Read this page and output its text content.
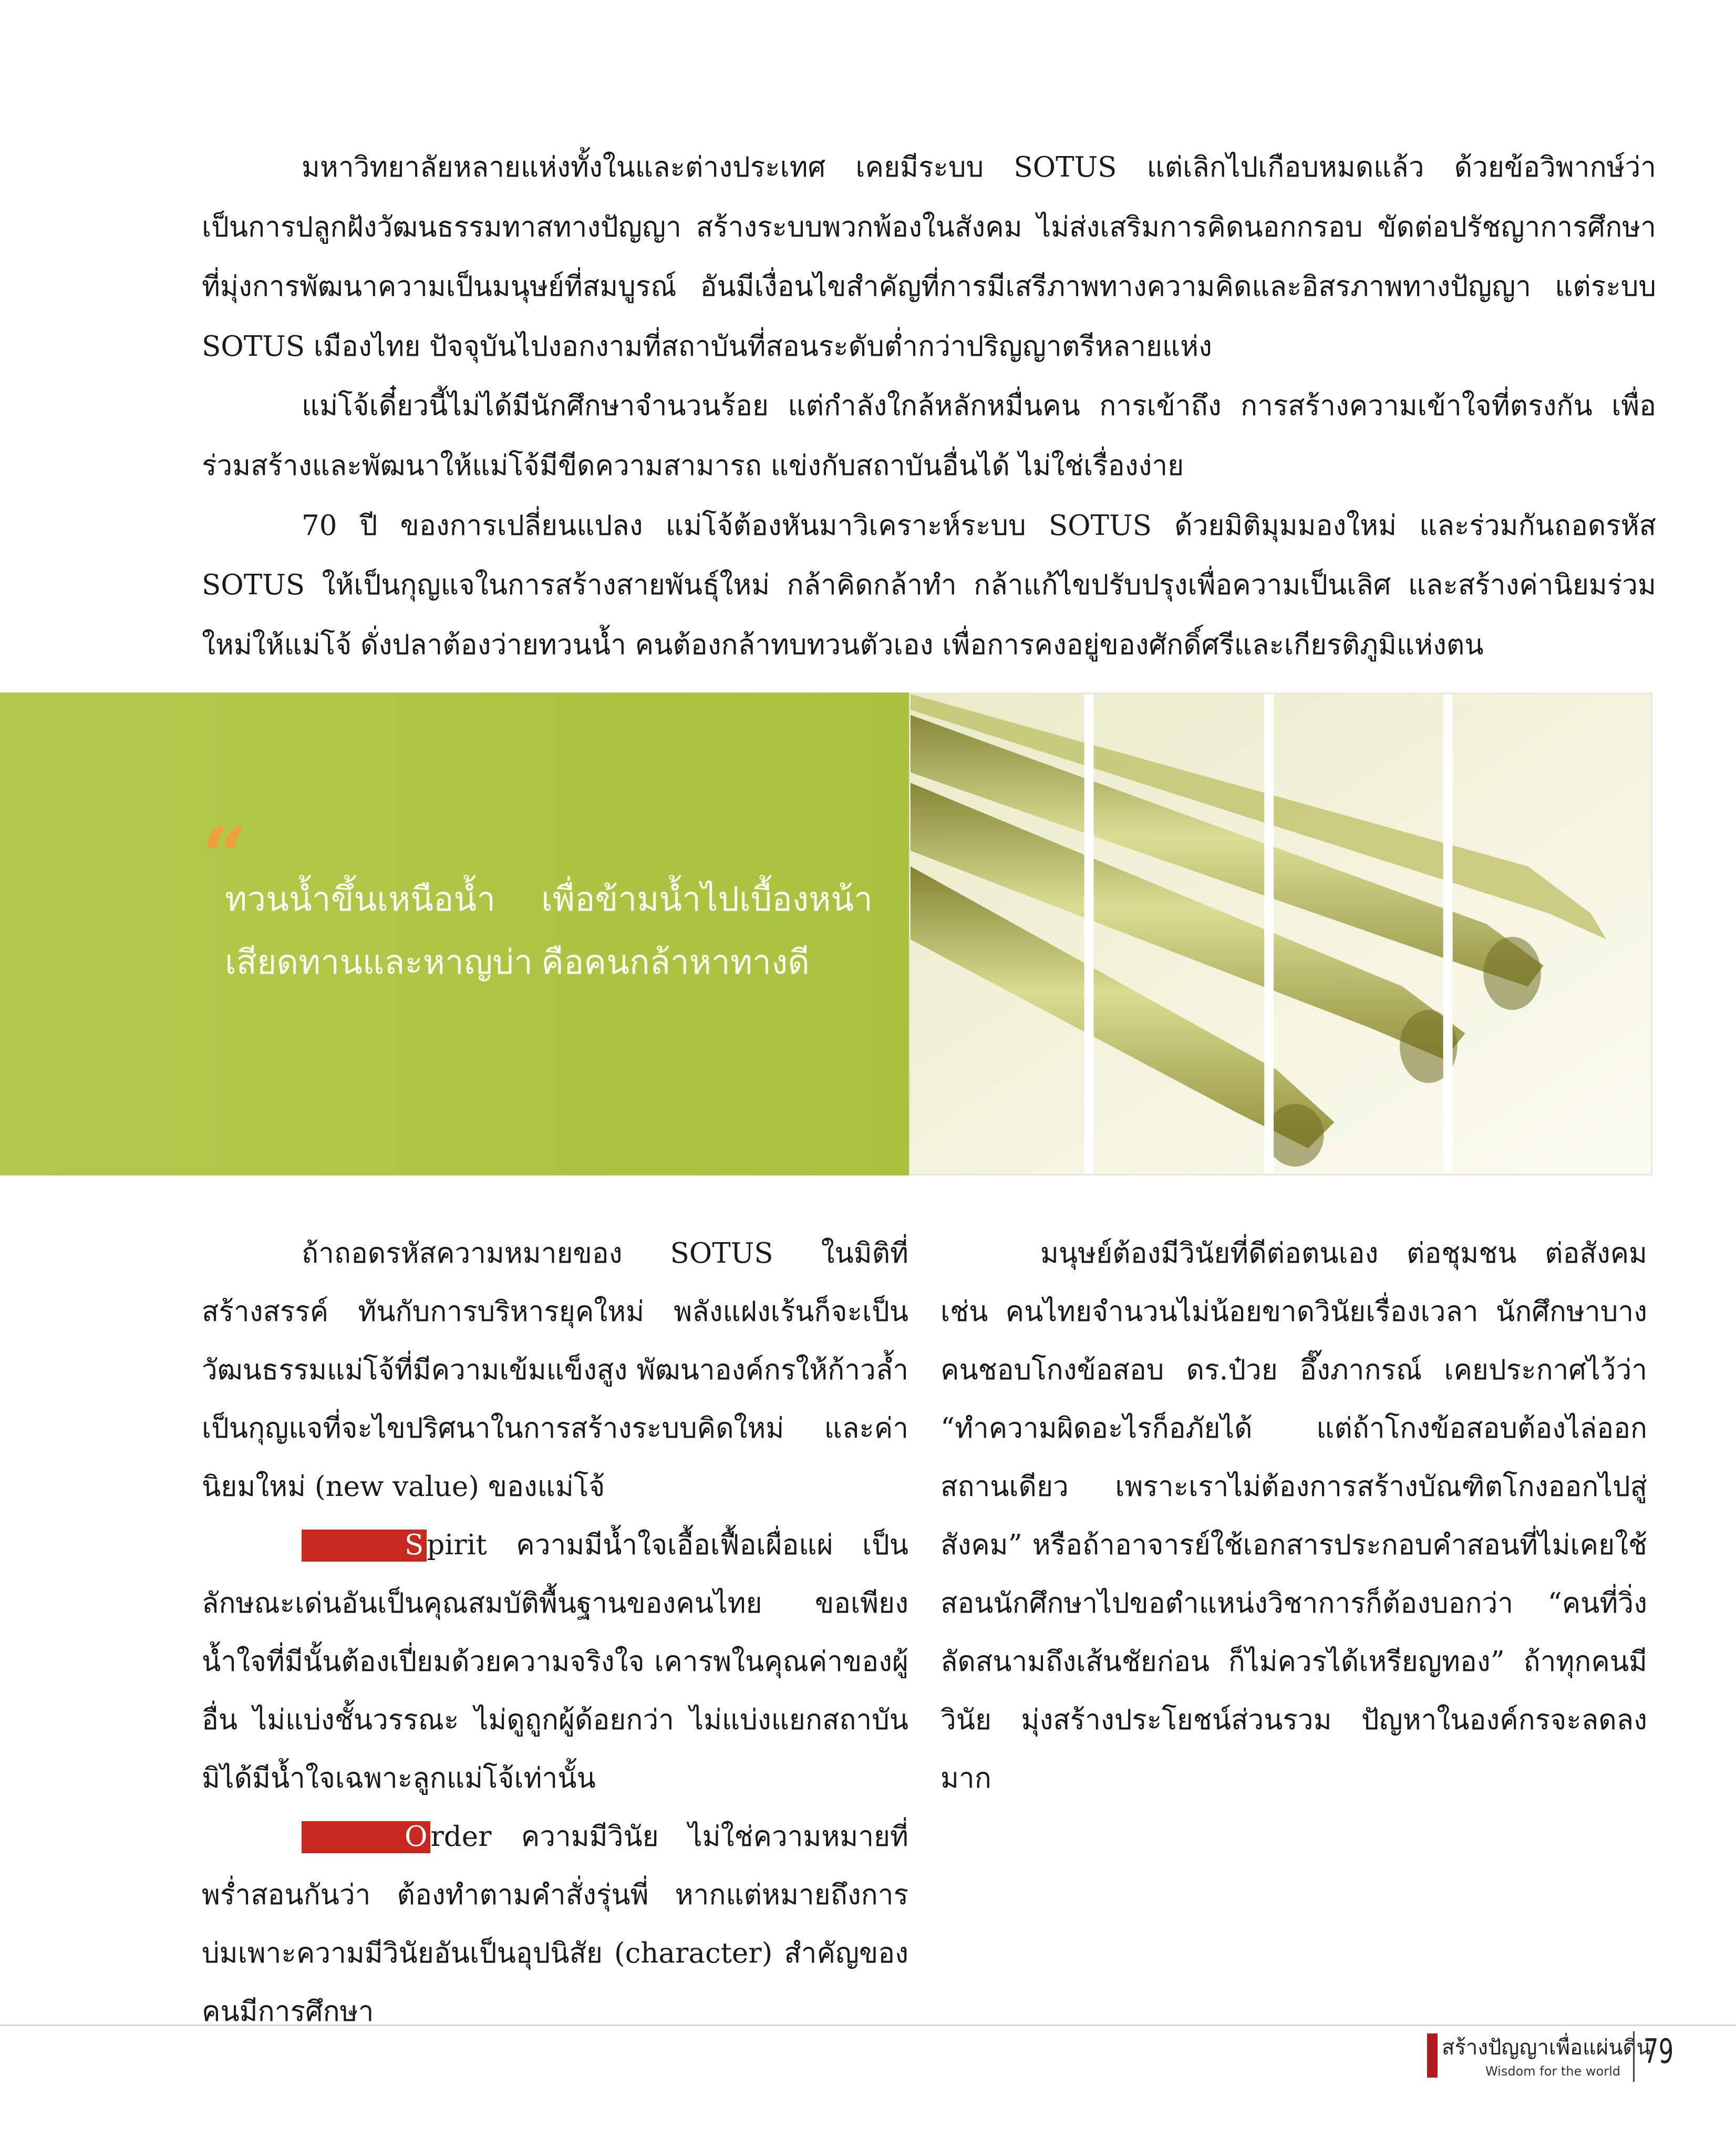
มหาวิทยาลัยหลายแห่งทั้งในและต่างประเทศ เคยมีระบบ SOTUS แต่เลิกไปเกือบหมดแล้ว ด้วยข้อวิพากษ์ว่า เป็นการปลูกฝังวัฒนธรรมทาสทางปัญญา สร้างระบบพวกพ้องในสังคม ไม่ส่งเสริมการคิดนอกกรอบ ขัดต่อปรัชญาการศึกษาที่มุ่งการพัฒนาความเป็นมนุษย์ที่สมบูรณ์ อันมีเงื่อนไขสำคัญที่การมีเสรีภาพทางความคิดและอิสรภาพทางปัญญา แต่ระบบ SOTUS เมืองไทย ปัจจุบันไปงอกงามที่สถาบันที่สอนระดับต่ำกว่าปริญญาตรีหลายแห่ง

แม่โจ้เดี๋ยวนี้ไม่ได้มีนักศึกษาจำนวนร้อย แต่กำลังใกล้หลักหมื่นคน การเข้าถึง การสร้างความเข้าใจที่ตรงกัน เพื่อร่วมสร้างและพัฒนาให้แม่โจ้มีขีดความสามารถ แข่งกับสถาบันอื่นได้ ไม่ใช่เรื่องง่าย

70 ปี ของการเปลี่ยนแปลง แม่โจ้ต้องหันมาวิเคราะห์ระบบ SOTUS ด้วยมิติมุมมองใหม่ และร่วมกันถอดรหัส SOTUS ให้เป็นกุญแจในการสร้างสายพันธุ์ใหม่ กล้าคิดกล้าทำ กล้าแก้ไขปรับปรุงเพื่อความเป็นเลิศ และสร้างค่านิยมร่วมใหม่ให้แม่โจ้ ดั่งปลาต้องว่ายทวนน้ำ คนต้องกล้าทบทวนตัวเอง เพื่อการคงอยู่ของศักดิ์ศรีและเกียรติภูมิแห่งตน

“
ทวนน้ำขึ้นเหนือน้ำ เพื่อข้ามน้ำไปเบื้องหน้า
เสียดทานและหาญบ่า คือคนกล้าหาทางดี

ถ้าถอดรหัสความหมายของ SOTUS ในมิติที่สร้างสรรค์ ทันกับการบริหารยุคใหม่ พลังแฝงเร้นก็จะเป็นวัฒนธรรมแม่โจ้ที่มีความเข้มแข็งสูง พัฒนาองค์กรให้ก้าวล้ำ เป็นกุญแจที่จะไขปริศนาในการสร้างระบบคิดใหม่ และค่านิยมใหม่ (new value) ของแม่โจ้

S pirit ความมีน้ำใจเอื้อเฟื้อเผื่อแผ่ เป็นลักษณะเด่นอันเป็นคุณสมบัติพื้นฐานของคนไทย ขอเพียงน้ำใจที่มีนั้นต้องเปี่ยมด้วยความจริงใจ เคารพในคุณค่าของผู้อื่น ไม่แบ่งชั้นวรรณะ ไม่ดูถูกผู้ด้อยกว่า ไม่แบ่งแยกสถาบัน มิได้มีน้ำใจเฉพาะลูกแม่โจ้เท่านั้น

O rder ความมีวินัย ไม่ใช่ความหมายที่พร่ำสอนกันว่า ต้องทำตามคำสั่งรุ่นพี่ หากแต่หมายถึงการบ่มเพาะความมีวินัยอันเป็นอุปนิสัย (character) สำคัญของคนมีการศึกษา

มนุษย์ต้องมีวินัยที่ดีต่อตนเอง ต่อชุมชน ต่อสังคม เช่น คนไทยจำนวนไม่น้อยขาดวินัยเรื่องเวลา นักศึกษาบางคนชอบโกงข้อสอบ ดร.ป๋วย อึ๊งภากรณ์ เคยประกาศไว้ว่า “ทำความผิดอะไรก็อภัยได้ แต่ถ้าโกงข้อสอบต้องไล่ออกสถานเดียว เพราะเราไม่ต้องการสร้างบัณฑิตโกงออกไปสู่สังคม” หรือถ้าอาจารย์ใช้เอกสารประกอบคำสอนที่ไม่เคยใช้สอนนักศึกษาไปขอตำแหน่งวิชาการก็ต้องบอกว่า “คนที่วิ่งลัดสนามถึงเส้นชัยก่อน ก็ไม่ควรได้เหรียญทอง” ถ้าทุกคนมีวินัย มุ่งสร้างประโยชน์ส่วนรวม ปัญหาในองค์กรจะลดลงมาก

สร้างปัญญาเพื่อแผ่นดิน
Wisdom for the world 79
